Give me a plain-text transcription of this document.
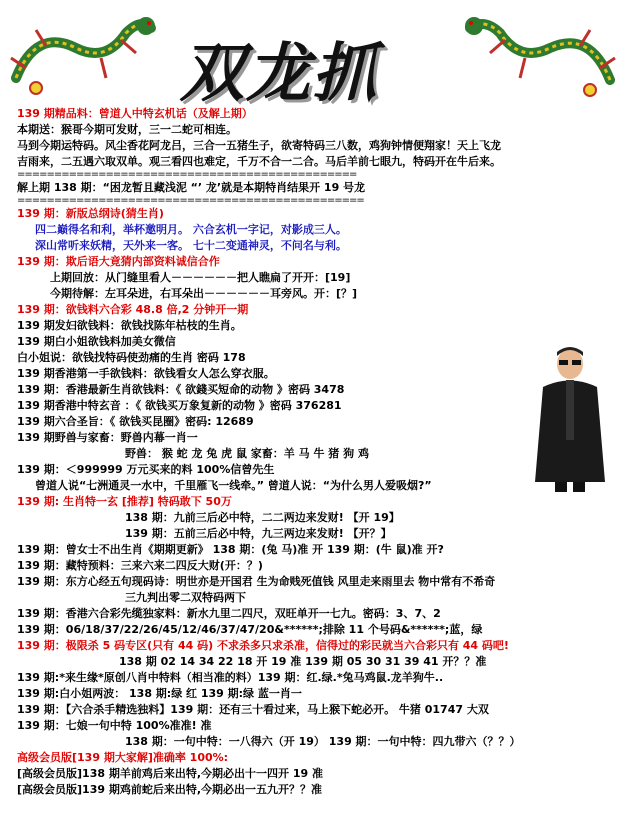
双龙抓
139 期精品料：曾道人中特玄机话（及解上期）
本期送：猴哥今期可发财，三一二蛇可相连。
马到今期运特码。风尘香花阿龙吕，三合一五猪生子，欲寄特码三八数，鸡狗钟情便翔家！天上飞龙
吉雨来，二五遇六取双单。观三看四也难定，千万不合一二合。马后羊前七眼九，特码开在牛后来。
==============================================
解上期 138 期：“困龙暂且藏浅泥 “’ 龙’就是本期特肖结果开 19 号龙
===============================================
139 期：新版总纲诗(猜生肖)
四二巅得名和利，举杯邀明月。 六合玄机一字记，对影成三人。
深山常听来妖精，天外来一客。 七十二变通神灵，不问名与利。
139 期：欺后语大竟猜内部资料诚信合作
上期回放：从门缝里看人－－－－－－把人瞧扁了开开：[19]
今期待解：左耳朵进，右耳朵出－－－－－－耳旁风。开：[？]
139 期：欲钱料六合彩 48.8 倍,2 分钟开一期
139 期发妇欲钱料：欲钱找陈年枯枝的生肖。
139 期白小姐欲钱料加美女微信
白小姐说：欲钱找特码使劲痛的生肖 密码 178
139 期香港第一手欲钱料：欲钱看女人怎么穿衣服。
139 期：香港最新生肖欲钱料：《 欲錢买短命的动物 》密码 3478
139 期香港中特玄音 ：《 欲钱买万象复新的动物 》密码 376281
139 期六合圣旨：《 欲钱买昆圈》密码: 12689
139 期野兽与家畜：野兽内幕一肖一
野兽： 猴 蛇 龙 兔 虎 鼠 家畜：羊 马 牛 猪 狗 鸡
139 期：＜999999 万元买来的料 100%信曾先生
曾道人说“七洲通灵一水中，千里雁飞一线牵。” 曾道人说：“为什么男人爱吸烟?”
139 期: 生肖特一玄 [推荐] 特码敢下 50万
138 期：九前三后必中特，二二两边来发财! 【开 19】
139 期：五前三后必中特，九三两边来发财! 【开？】
139 期：曾女士不出生肖《期期更新》 138 期：(兔 马)准 开 139 期：(牛 鼠)准 开?
139 期：藏特预料：三来六来二四反大财(开：？)
139 期：东方心经五句现码诗：明世亦是开国君 生为命贱死值钱 风里走来雨里去 物中常有不希奇
三九判出零二双特码两下
139 期：香港六合彩先缆独家料：新水九里二四尺，双旺单开一七九。密码：3、7、2
139 期：06/18/37/22/26/45/12/46/37/47/20&******;排除 11 个号码&******;蓝，绿
139 期：极限杀 5 码专区(只有 44 码) 不求杀多只求杀准，信得过的彩民就当六合彩只有 44 码吧!
138 期 02 14 34 22 18 开 19 准 139 期 05 30 31 39 41 开？？准
139 期:*来生缘*原创八肖中特料（相当准的料）139 期：红.绿.*兔马鸡鼠.龙羊狗牛..
139 期:白小姐两波： 138 期:绿 红 139 期:绿 蓝一肖一
139 期：【六合杀手精选独料】139 期：还有三十看过来，马上猴下蛇必开。 牛猪 01747 大双
139 期：七娘一句中特 100%准准! 准
138 期：一句中特：一八得六（开 19） 139 期：一句中特：四九带六（？？）
高级会员版[139 期大家解]准确率 100%:
[高级会员版]138 期羊前鸡后来出特,今期必出十一四开 19 准
[高级会员版]139 期鸡前蛇后来出特,今期必出一五九开？？准
